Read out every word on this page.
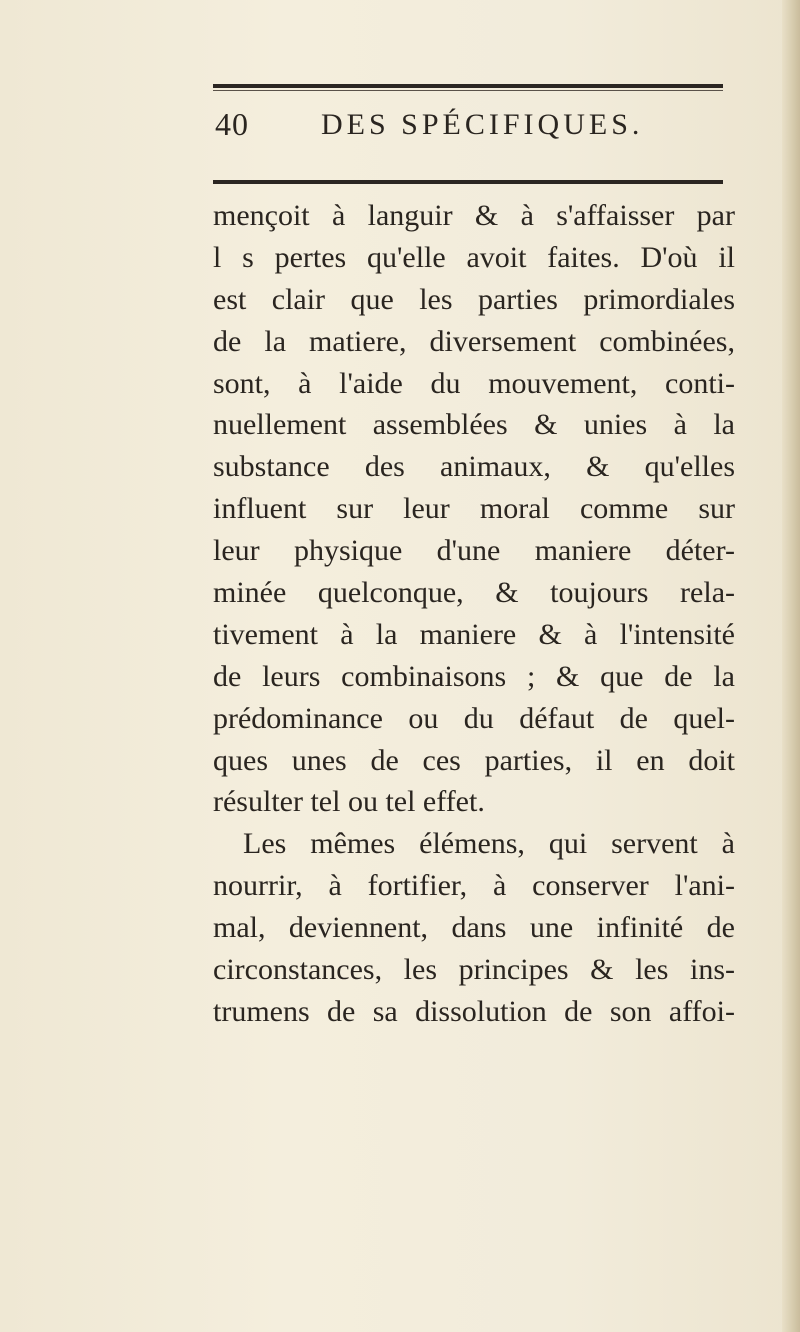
40 DES SPÉCIFIQUES.
mençoit à languir & à s'affaisser par
l s pertes qu'elle avoit faites. D'où il
est clair que les parties primordiales
de la matiere, diversement combinées,
sont, à l'aide du mouvement, conti-
nuellement assemblées & unies à la
substance des animaux, & qu'elles
influent sur leur moral comme sur
leur physique d'une maniere déter-
minée quelconque, & toujours rela-
tivement à la maniere & à l'intensité
de leurs combinaisons ; & que de la
prédominance ou du défaut de quel-
ques unes de ces parties, il en doit
résulter tel ou tel effet.
Les mêmes élémens, qui servent à
nourrir, à fortifier, à conserver l'ani-
mal, deviennent, dans une infinité de
circonstances, les principes & les ins-
trumens de sa dissolution de son affoi-
